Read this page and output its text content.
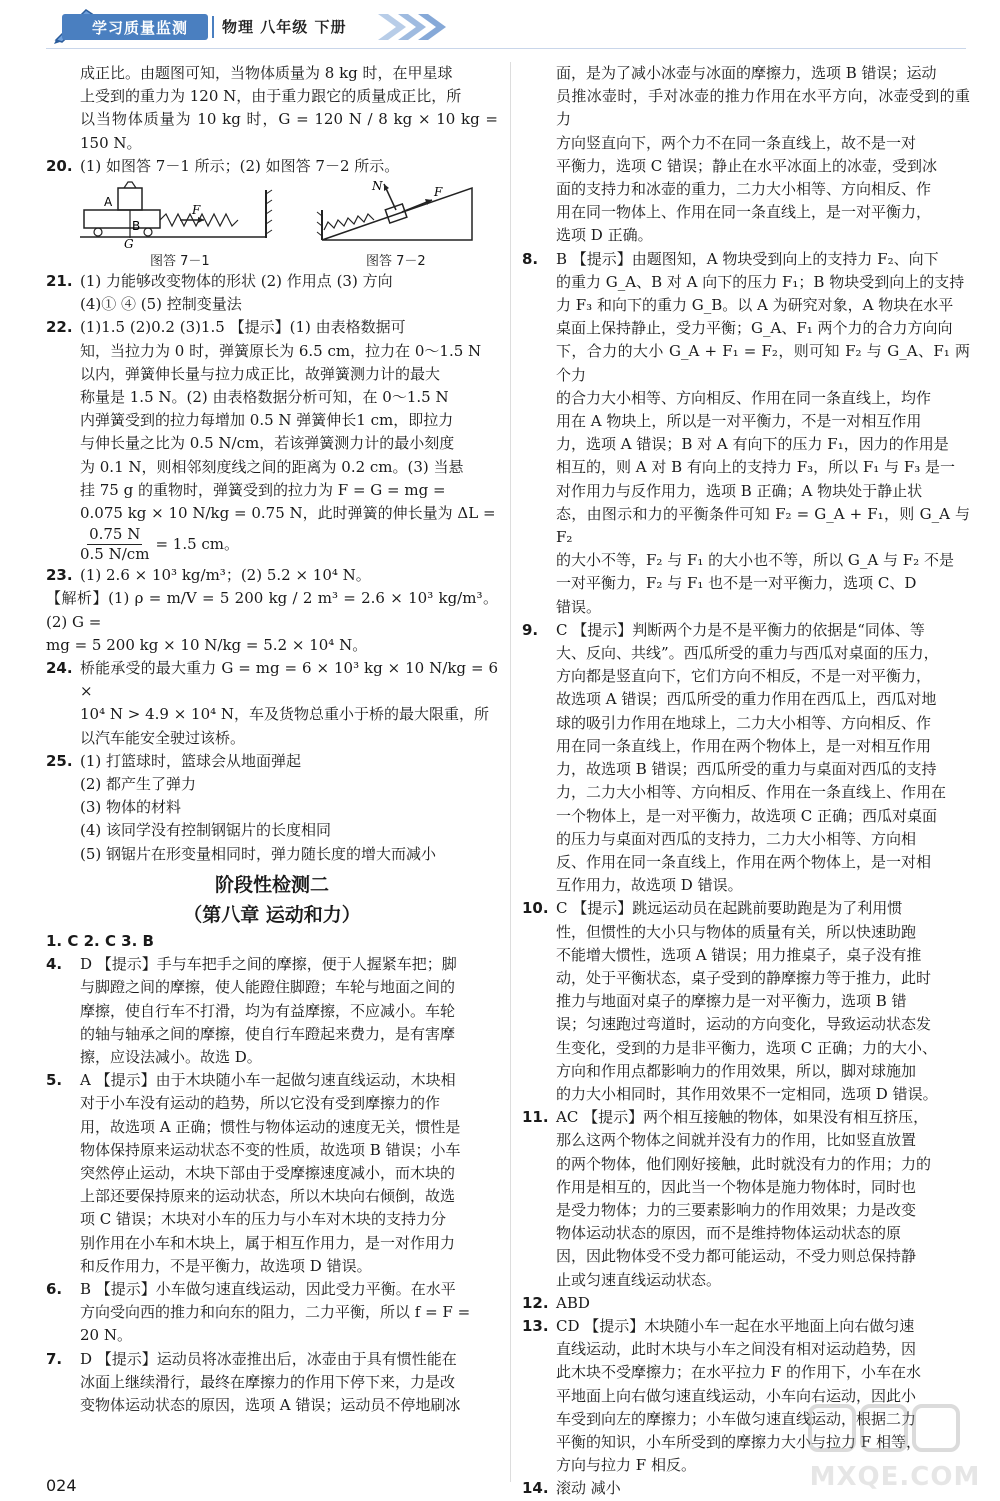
学习质量监测 物理 八年级 下册
成正比。由题图可知，当物体质量为 8 kg 时，在甲星球
上受到的重力为 120 N，由于重力跟它的质量成正比，所
以当物体质量为 10 kg 时，G = 120 N / 8 kg × 10 kg = 150 N。
20. (1) 如图答 7－1 所示；(2) 如图答 7－2 所示。
A
B
G
F
图答 7－1
N	F
图答 7－2
21. (1) 力能够改变物体的形状 (2) 作用点 (3) 方向
(4)① ④ (5) 控制变量法
22. (1)1.5 (2)0.2 (3)1.5 【提示】(1) 由表格数据可
知，当拉力为 0 时，弹簧原长为 6.5 cm，拉力在 0～1.5 N
以内，弹簧伸长量与拉力成正比，故弹簧测力计的最大
称量是 1.5 N。(2) 由表格数据分析可知，在 0～1.5 N
内弹簧受到的拉力每增加 0.5 N 弹簧伸长1 cm，即拉力
与伸长量之比为 0.5 N/cm，若该弹簧测力计的最小刻度
为 0.1 N，则相邻刻度线之间的距离为 0.2 cm。(3) 当悬
挂 75 g 的重物时，弹簧受到的拉力为 F = G = mg =
0.075 kg × 10 N/kg = 0.75 N，此时弹簧的伸长量为 ΔL =
$\frac{0.75 N}{0.5 N/cm} = 1.5$ cm。
23. (1) 2.6 × 10³ kg/m³；(2) 5.2 × 10⁴ N。
【解析】(1) ρ = m/V = 5 200 kg / 2 m³ = 2.6 × 10³ kg/m³。(2) G =
mg = 5 200 kg × 10 N/kg = 5.2 × 10⁴ N。
24. 桥能承受的最大重力 G = mg = 6 × 10³ kg × 10 N/kg = 6 ×
10⁴ N > 4.9 × 10⁴ N，车及货物总重小于桥的最大限重，所
以汽车能安全驶过该桥。
25. (1) 打篮球时，篮球会从地面弹起
(2) 都产生了弹力
(3) 物体的材料
(4) 该同学没有控制钢锯片的长度相同
(5) 钢锯片在形变量相同时，弹力随长度的增大而减小
阶段性检测二
（第八章 运动和力）
1. C 2. C 3. B
4. D 【提示】手与车把手之间的摩擦，便于人握紧车把；脚
与脚蹬之间的摩擦，使人能蹬住脚蹬；车轮与地面之间的
摩擦，使自行车不打滑，均为有益摩擦，不应减小。车轮
的轴与轴承之间的摩擦，使自行车蹬起来费力，是有害摩
擦，应设法减小。故选 D。
5. A 【提示】由于木块随小车一起做匀速直线运动，木块相
对于小车没有运动的趋势，所以它没有受到摩擦力的作
用，故选项 A 正确；惯性与物体运动的速度无关，惯性是
物体保持原来运动状态不变的性质，故选项 B 错误；小车
突然停止运动，木块下部由于受摩擦速度减小，而木块的
上部还要保持原来的运动状态，所以木块向右倾倒，故选
项 C 错误；木块对小车的压力与小车对木块的支持力分
别作用在小车和木块上，属于相互作用力，是一对作用力
和反作用力，不是平衡力，故选项 D 错误。
6. B 【提示】小车做匀速直线运动，因此受力平衡。在水平
方向受向西的推力和向东的阻力，二力平衡，所以 f = F =
20 N。
7. D 【提示】运动员将冰壶推出后，冰壶由于具有惯性能在
冰面上继续滑行，最终在摩擦力的作用下停下来，力是改
变物体运动状态的原因，选项 A 错误；运动员不停地刷冰
面，是为了减小冰壶与冰面的摩擦力，选项 B 错误；运动
员推冰壶时，手对冰壶的推力作用在水平方向，冰壶受到的重力
方向竖直向下，两个力不在同一条直线上，故不是一对
平衡力，选项 C 错误；静止在水平冰面上的冰壶，受到冰
面的支持力和冰壶的重力，二力大小相等、方向相反、作
用在同一物体上、作用在同一条直线上，是一对平衡力，
选项 D 正确。
8. B 【提示】由题图知，A 物块受到向上的支持力 F₂、向下
的重力 G_A、B 对 A 向下的压力 F₁；B 物块受到向上的支持
力 F₃ 和向下的重力 G_B。以 A 为研究对象，A 物块在水平
桌面上保持静止，受力平衡；G_A、F₁ 两个力的合力方向向
下，合力的大小 G_A + F₁ = F₂，则可知 F₂ 与 G_A、F₁ 两个力
的合力大小相等、方向相反、作用在同一条直线上，均作
用在 A 物块上，所以是一对平衡力，不是一对相互作用
力，选项 A 错误；B 对 A 有向下的压力 F₁，因力的作用是
相互的，则 A 对 B 有向上的支持力 F₃，所以 F₁ 与 F₃ 是一
对作用力与反作用力，选项 B 正确；A 物块处于静止状
态，由图示和力的平衡条件可知 F₂ = G_A + F₁，则 G_A 与 F₂
的大小不等，F₂ 与 F₁ 的大小也不等，所以 G_A 与 F₂ 不是
一对平衡力，F₂ 与 F₁ 也不是一对平衡力，选项 C、D
错误。
9. C 【提示】判断两个力是不是平衡力的依据是“同体、等
大、反向、共线”。西瓜所受的重力与西瓜对桌面的压力，
方向都是竖直向下，它们方向不相反，不是一对平衡力，
故选项 A 错误；西瓜所受的重力作用在西瓜上，西瓜对地
球的吸引力作用在地球上，二力大小相等、方向相反、作
用在同一条直线上，作用在两个物体上，是一对相互作用
力，故选项 B 错误；西瓜所受的重力与桌面对西瓜的支持
力，二力大小相等、方向相反、作用在一条直线上、作用在
一个物体上，是一对平衡力，故选项 C 正确；西瓜对桌面
的压力与桌面对西瓜的支持力，二力大小相等、方向相
反、作用在同一条直线上，作用在两个物体上，是一对相
互作用力，故选项 D 错误。
10. C 【提示】跳远运动员在起跳前要助跑是为了利用惯
性，但惯性的大小只与物体的质量有关，所以快速助跑
不能增大惯性，选项 A 错误；用力推桌子，桌子没有推
动，处于平衡状态，桌子受到的静摩擦力等于推力，此时
推力与地面对桌子的摩擦力是一对平衡力，选项 B 错
误；匀速跑过弯道时，运动的方向变化，导致运动状态发
生变化，受到的力是非平衡力，选项 C 正确；力的大小、
方向和作用点都影响力的作用效果，所以，脚对球施加
的力大小相同时，其作用效果不一定相同，选项 D 错误。
11. AC 【提示】两个相互接触的物体，如果没有相互挤压，
那么这两个物体之间就并没有力的作用，比如竖直放置
的两个物体，他们刚好接触，此时就没有力的作用；力的
作用是相互的，因此当一个物体是施力物体时，同时也
是受力物体；力的三要素影响力的作用效果；力是改变
物体运动状态的原因，而不是维持物体运动状态的原
因，因此物体受不受力都可能运动，不受力则总保持静
止或匀速直线运动状态。
12. ABD
13. CD 【提示】木块随小车一起在水平地面上向右做匀速
直线运动，此时木块与小车之间没有相对运动趋势，因
此木块不受摩擦力；在水平拉力 F 的作用下，小车在水
平地面上向右做匀速直线运动，小车向右运动，因此小
车受到向左的摩擦力；小车做匀速直线运动，根据二力
平衡的知识，小车所受到的摩擦力大小与拉力 F 相等，
方向与拉力 F 相反。
14. 滚动 减小
024	MXQE.COM
